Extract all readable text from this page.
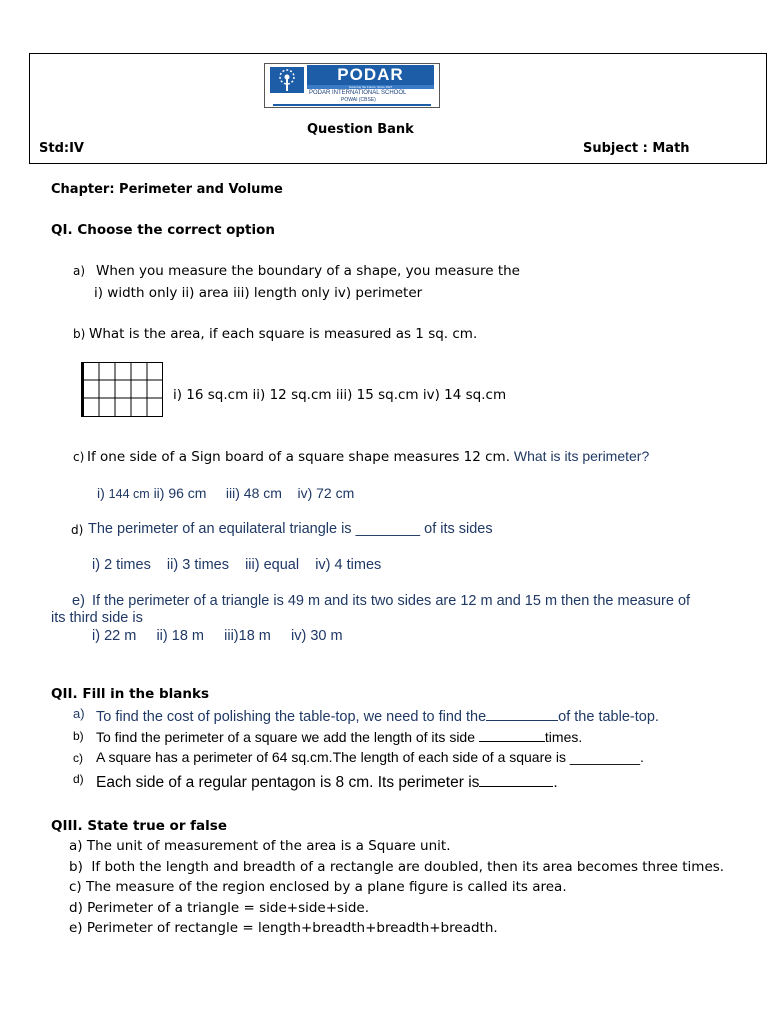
PODAR
Nurturing the Future. Since 1927
PODAR INTERNATIONAL SCHOOL
POWAI (CBSE)
Question Bank
Std:IV	Subject : Math
Chapter: Perimeter and Volume
QI. Choose the correct option
a) When you measure the boundary of a shape, you measure the
i) width only ii) area iii) length only iv) perimeter
b) What is the area, if each square is measured as 1 sq. cm.
i) 16 sq.cm ii) 12 sq.cm iii) 15 sq.cm iv) 14 sq.cm
c) If one side of a Sign board of a square shape measures 12 cm. What is its perimeter?
i) 144 cm ii) 96 cm     iii) 48 cm    iv) 72 cm
d) The perimeter of an equilateral triangle is ________ of its sides
i) 2 times    ii) 3 times    iii) equal    iv) 4 times
e) If the perimeter of a triangle is 49 m and its two sides are 12 m and 15 m then the measure of
its third side is
i) 22 m     ii) 18 m     iii)18 m     iv) 30 m
QII. Fill in the blanks
a) To find the cost of polishing the table-top, we need to find the	of the table-top.
b) To find the perimeter of a square we add the length of its side	times.
c) A square has a perimeter of 64 sq.cm.The length of each side of a square is _________.
d) Each side of a regular pentagon is 8 cm. Its perimeter is	.
QIII. State true or false
a) The unit of measurement of the area is a Square unit.
b)  If both the length and breadth of a rectangle are doubled, then its area becomes three times.
c) The measure of the region enclosed by a plane figure is called its area.
d) Perimeter of a triangle = side+side+side.
e) Perimeter of rectangle = length+breadth+breadth+breadth.
